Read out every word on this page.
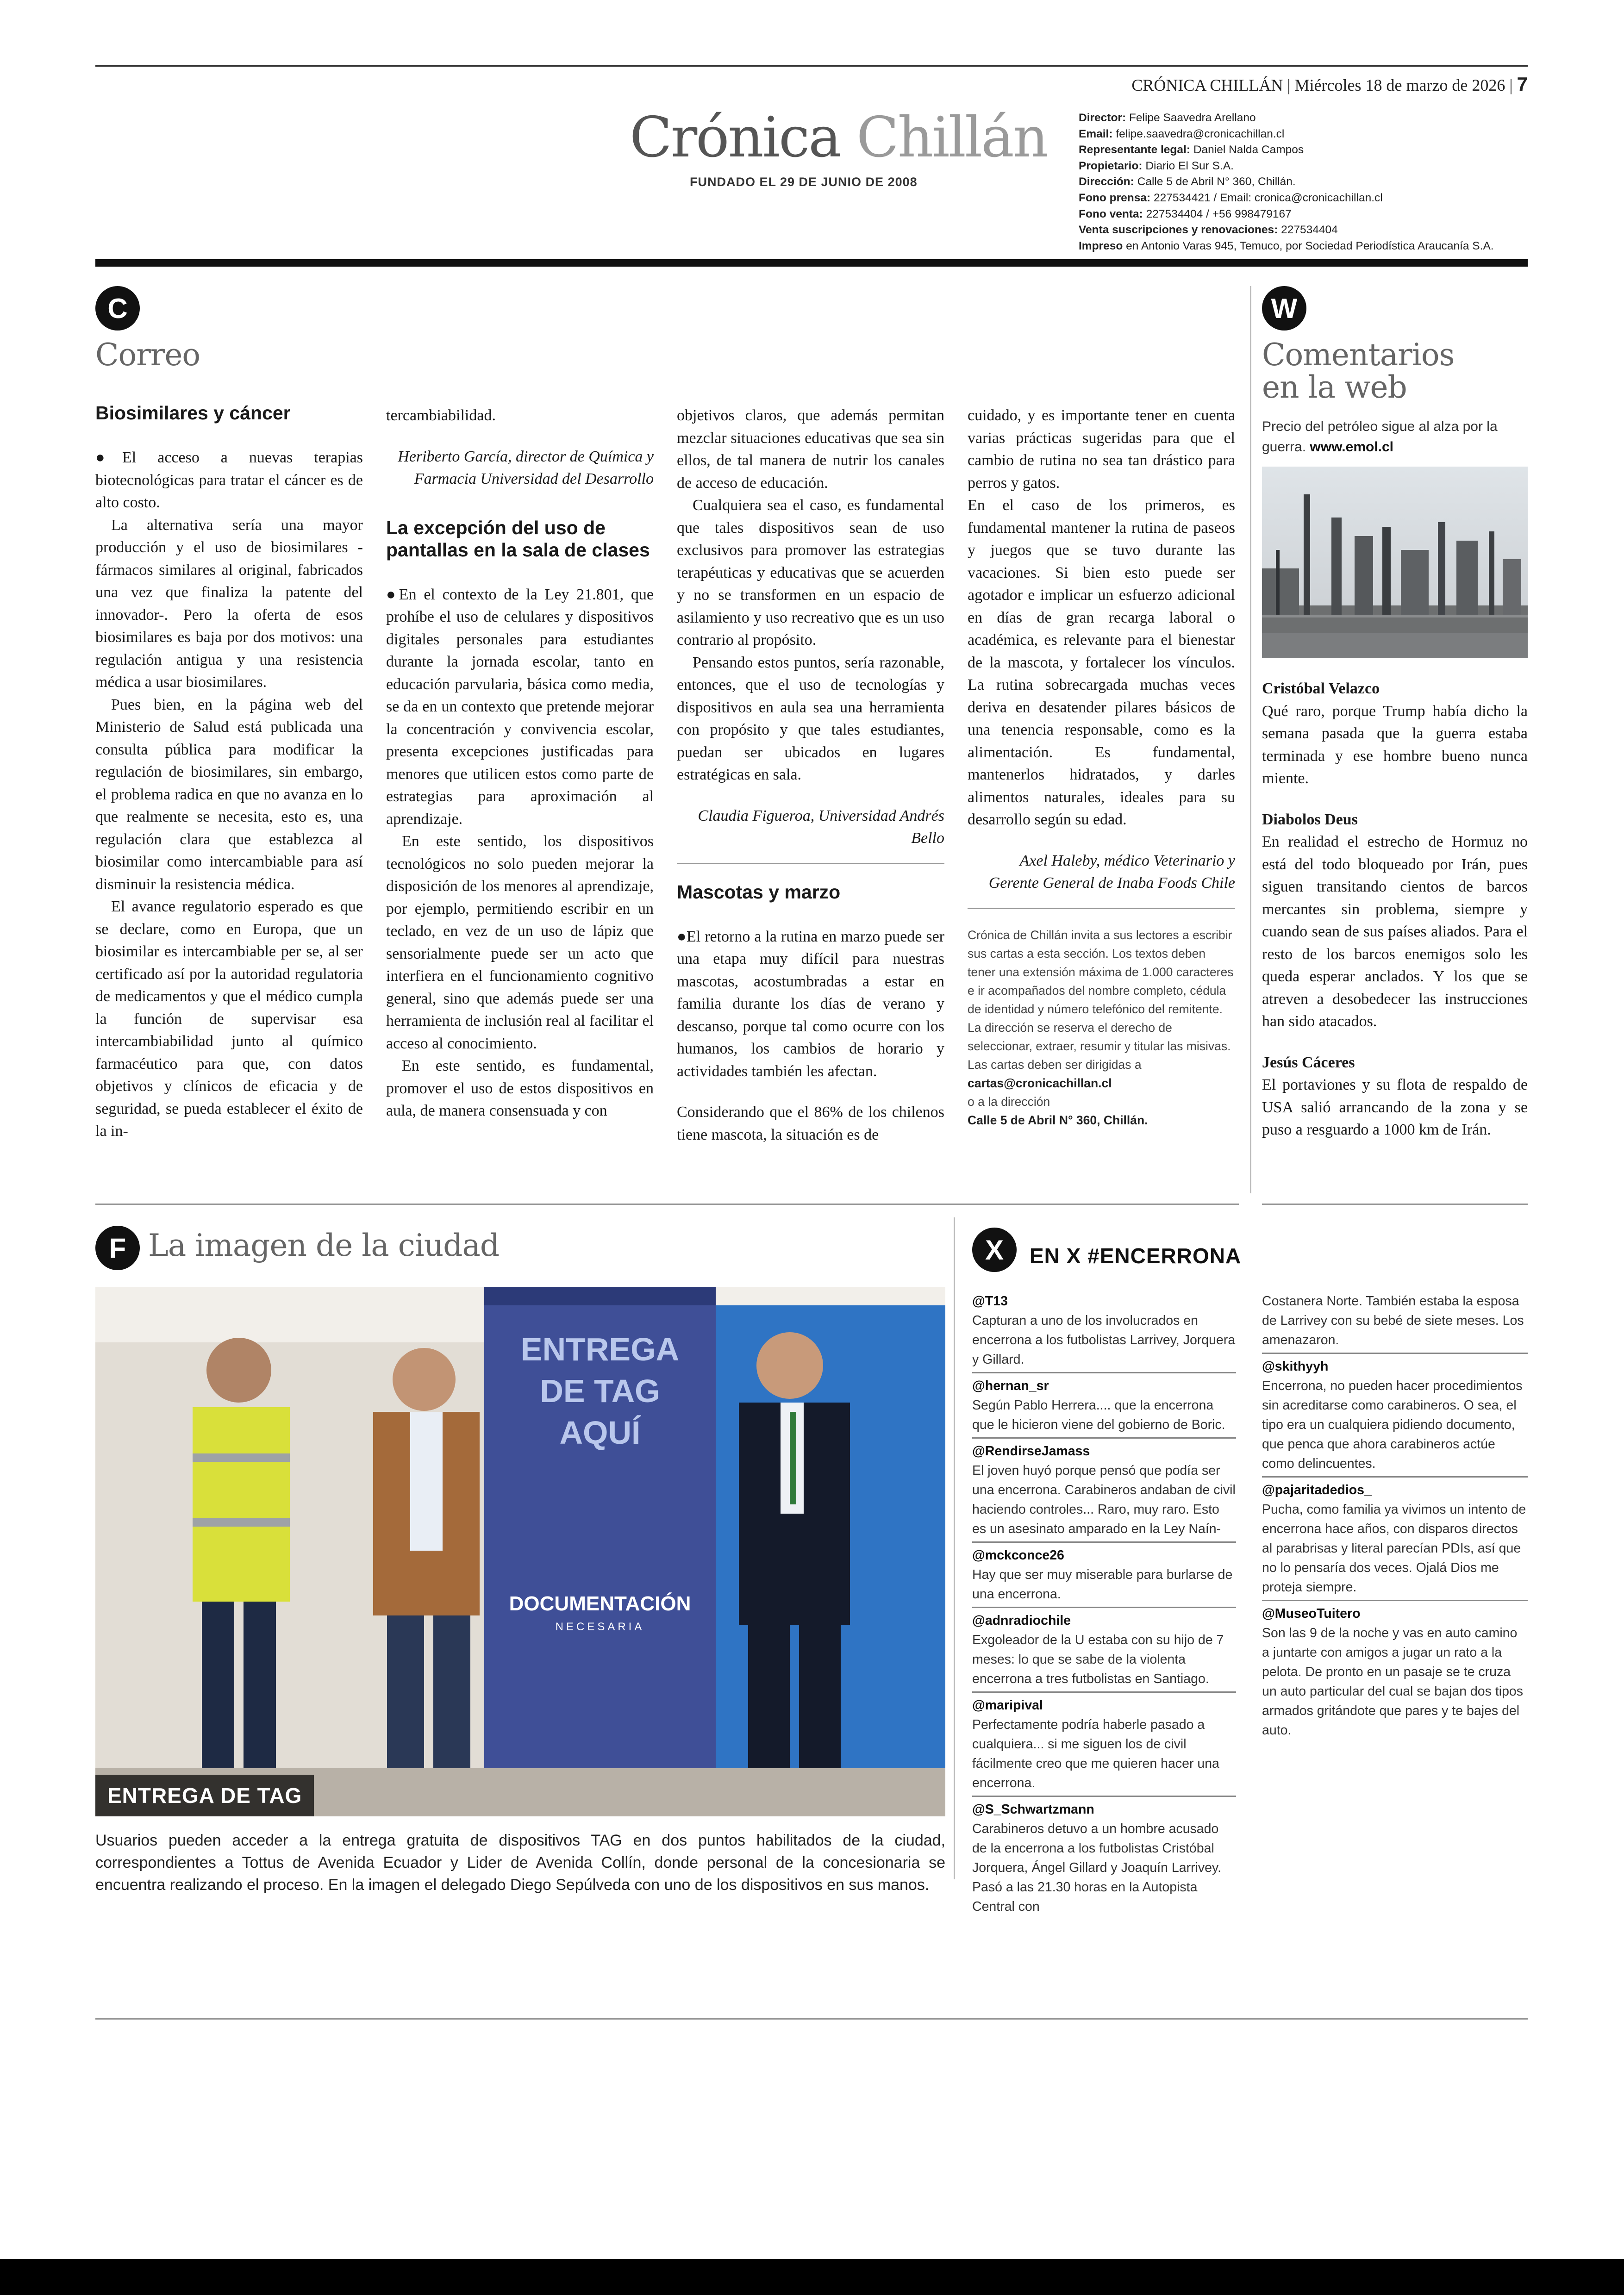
CRÓNICA CHILLÁN | Miércoles 18 de marzo de 2026 | 7
Crónica Chillán
FUNDADO EL 29 DE JUNIO DE 2008
Director: Felipe Saavedra Arellano
Email: felipe.saavedra@cronicachillan.cl
Representante legal: Daniel Nalda Campos
Propietario: Diario El Sur S.A.
Dirección: Calle 5 de Abril N° 360, Chillán.
Fono prensa: 227534421 / Email: cronica@cronicachillan.cl
Fono venta: 227534404 / +56 998479167
Venta suscripciones y renovaciones: 227534404
Impreso en Antonio Varas 945, Temuco, por Sociedad Periodística Araucanía S.A.
C
Correo
Biosimilares y cáncer

●El acceso a nuevas terapias biotecnológicas para tratar el cáncer es de alto costo.

La alternativa sería una mayor producción y el uso de biosimilares -fármacos similares al original, fabricados una vez que finaliza la patente del innovador-. Pero la oferta de esos biosimilares es baja por dos motivos: una regulación antigua y una resistencia médica a usar biosimilares.

Pues bien, en la página web del Ministerio de Salud está publicada una consulta pública para modificar la regulación de biosimilares, sin embargo, el problema radica en que no avanza en lo que realmente se necesita, esto es, una regulación clara que establezca al biosimilar como intercambiable para así disminuir la resistencia médica.

El avance regulatorio esperado es que se declare, como en Europa, que un biosimilar es intercambiable per se, al ser certificado así por la autoridad regulatoria de medicamentos y que el médico cumpla la función de supervisar esa intercambiabilidad junto al químico farmacéutico para que, con datos objetivos y clínicos de eficacia y de seguridad, se pueda establecer el éxito de la in-

tercambiabilidad.

Heriberto García, director de Química y Farmacia Universidad del Desarrollo

La excepción del uso de pantallas en la sala de clases

●En el contexto de la Ley 21.801, que prohíbe el uso de celulares y dispositivos digitales personales para estudiantes durante la jornada escolar, tanto en educación parvularia, básica como media, se da en un contexto que pretende mejorar la concentración y convivencia escolar, presenta excepciones justificadas para menores que utilicen estos como parte de estrategias para aproximación al aprendizaje.

En este sentido, los dispositivos tecnológicos no solo pueden mejorar la disposición de los menores al aprendizaje, por ejemplo, permitiendo escribir en un teclado, en vez de un uso de lápiz que sensorialmente puede ser un acto que interfiera en el funcionamiento cognitivo general, sino que además puede ser una herramienta de inclusión real al facilitar el acceso al conocimiento.

En este sentido, es fundamental, promover el uso de estos dispositivos en aula, de manera consensuada y con

objetivos claros, que además permitan mezclar situaciones educativas que sea sin ellos, de tal manera de nutrir los canales de acceso de educación.

Cualquiera sea el caso, es fundamental que tales dispositivos sean de uso exclusivos para promover las estrategias terapéuticas y educativas que se acuerden y no se transformen en un espacio de asilamiento y uso recreativo que es un uso contrario al propósito.

Pensando estos puntos, sería razonable, entonces, que el uso de tecnologías y dispositivos en aula sea una herramienta con propósito y que tales estudiantes, puedan ser ubicados en lugares estratégicas en sala.

Claudia Figueroa, Universidad Andrés Bello

Mascotas y marzo

●El retorno a la rutina en marzo puede ser una etapa muy difícil para nuestras mascotas, acostumbradas a estar en familia durante los días de verano y descanso, porque tal como ocurre con los humanos, los cambios de horario y actividades también les afectan.

Considerando que el 86% de los chilenos tiene mascota, la situación es de

cuidado, y es importante tener en cuenta varias prácticas sugeridas para que el cambio de rutina no sea tan drástico para perros y gatos.

En el caso de los primeros, es fundamental mantener la rutina de paseos y juegos que se tuvo durante las vacaciones. Si bien esto puede ser agotador e implicar un esfuerzo adicional en días de gran recarga laboral o académica, es relevante para el bienestar de la mascota, y fortalecer los vínculos. La rutina sobrecargada muchas veces deriva en desatender pilares básicos de una tenencia responsable, como es la alimentación. Es fundamental, mantenerlos hidratados, y darles alimentos naturales, ideales para su desarrollo según su edad.

Axel Haleby, médico Veterinario y Gerente General de Inaba Foods Chile

Crónica de Chillán invita a sus lectores a escribir sus cartas a esta sección. Los textos deben tener una extensión máxima de 1.000 caracteres e ir acompañados del nombre completo, cédula de identidad y número telefónico del remitente. La dirección se reserva el derecho de seleccionar, extraer, resumir y titular las misivas. Las cartas deben ser dirigidas a

cartas@cronicachillan.cl

o a la dirección

Calle 5 de Abril N° 360, Chillán.

W
Comentarios
en la web

Precio del petróleo sigue al alza por la guerra. www.emol.cl

Cristóbal Velazco

Qué raro, porque Trump había dicho la semana pasada que la guerra estaba terminada y ese hombre bueno nunca miente.

Diabolos Deus

En realidad el estrecho de Hormuz no está del todo bloqueado por Irán, pues siguen transitando cientos de barcos mercantes sin problema, siempre y cuando sean de sus países aliados. Para el resto de los barcos enemigos solo les queda esperar anclados. Y los que se atreven a desobedecer las instrucciones han sido atacados.

Jesús Cáceres

El portaviones y su flota de respaldo de USA salió arrancando de la zona y se puso a resguardo a 1000 km de Irán.

F La imagen de la ciudad
ENTREGA
DE TAG
AQUÍ
DOCUMENTACIÓN
NECESARIA
ENTREGA DE TAG
Usuarios pueden acceder a la entrega gratuita de dispositivos TAG en dos puntos habilitados de la ciudad, correspondientes a Tottus de Avenida Ecuador y Lider de Avenida Collín, donde personal de la concesionaria se encuentra realizando el proceso. En la imagen el delegado Diego Sepúlveda con uno de los dispositivos en sus manos.
X	EN X #ENCERRONA
@T13
Capturan a uno de los involucrados en encerrona a los futbolistas Larrivey, Jorquera y Gillard.
@hernan_sr
Según Pablo Herrera.... que la encerrona que le hicieron viene del gobierno de Boric.
@RendirseJamass
El joven huyó porque pensó que podía ser una encerrona. Carabineros andaban de civil haciendo controles... Raro, muy raro. Esto es un asesinato amparado en la Ley Naín-
@mckconce26
Hay que ser muy miserable para burlarse de una encerrona.
@adnradiochile
Exgoleador de la U estaba con su hijo de 7 meses: lo que se sabe de la violenta encerrona a tres futbolistas en Santiago.
@maripival
Perfectamente podría haberle pasado a cualquiera... si me siguen los de civil fácilmente creo que me quieren hacer una encerrona.
@S_Schwartzmann
Carabineros detuvo a un hombre acusado de la encerrona a los futbolistas Cristóbal Jorquera, Ángel Gillard y Joaquín Larrivey. Pasó a las 21.30 horas en la Autopista Central con
Costanera Norte. También estaba la esposa de Larrivey con su bebé de siete meses. Los amenazaron.
@skithyyh
Encerrona, no pueden hacer procedimientos sin acreditarse como carabineros. O sea, el tipo era un cualquiera pidiendo documento, que penca que ahora carabineros actúe como delincuentes.
@pajaritadedios_
Pucha, como familia ya vivimos un intento de encerrona hace años, con disparos directos al parabrisas y literal parecían PDIs, así que no lo pensaría dos veces. Ojalá Dios me proteja siempre.
@MuseoTuitero
Son las 9 de la noche y vas en auto camino a juntarte con amigos a jugar un rato a la pelota. De pronto en un pasaje se te cruza un auto particular del cual se bajan dos tipos armados gritándote que pares y te bajes del auto.
